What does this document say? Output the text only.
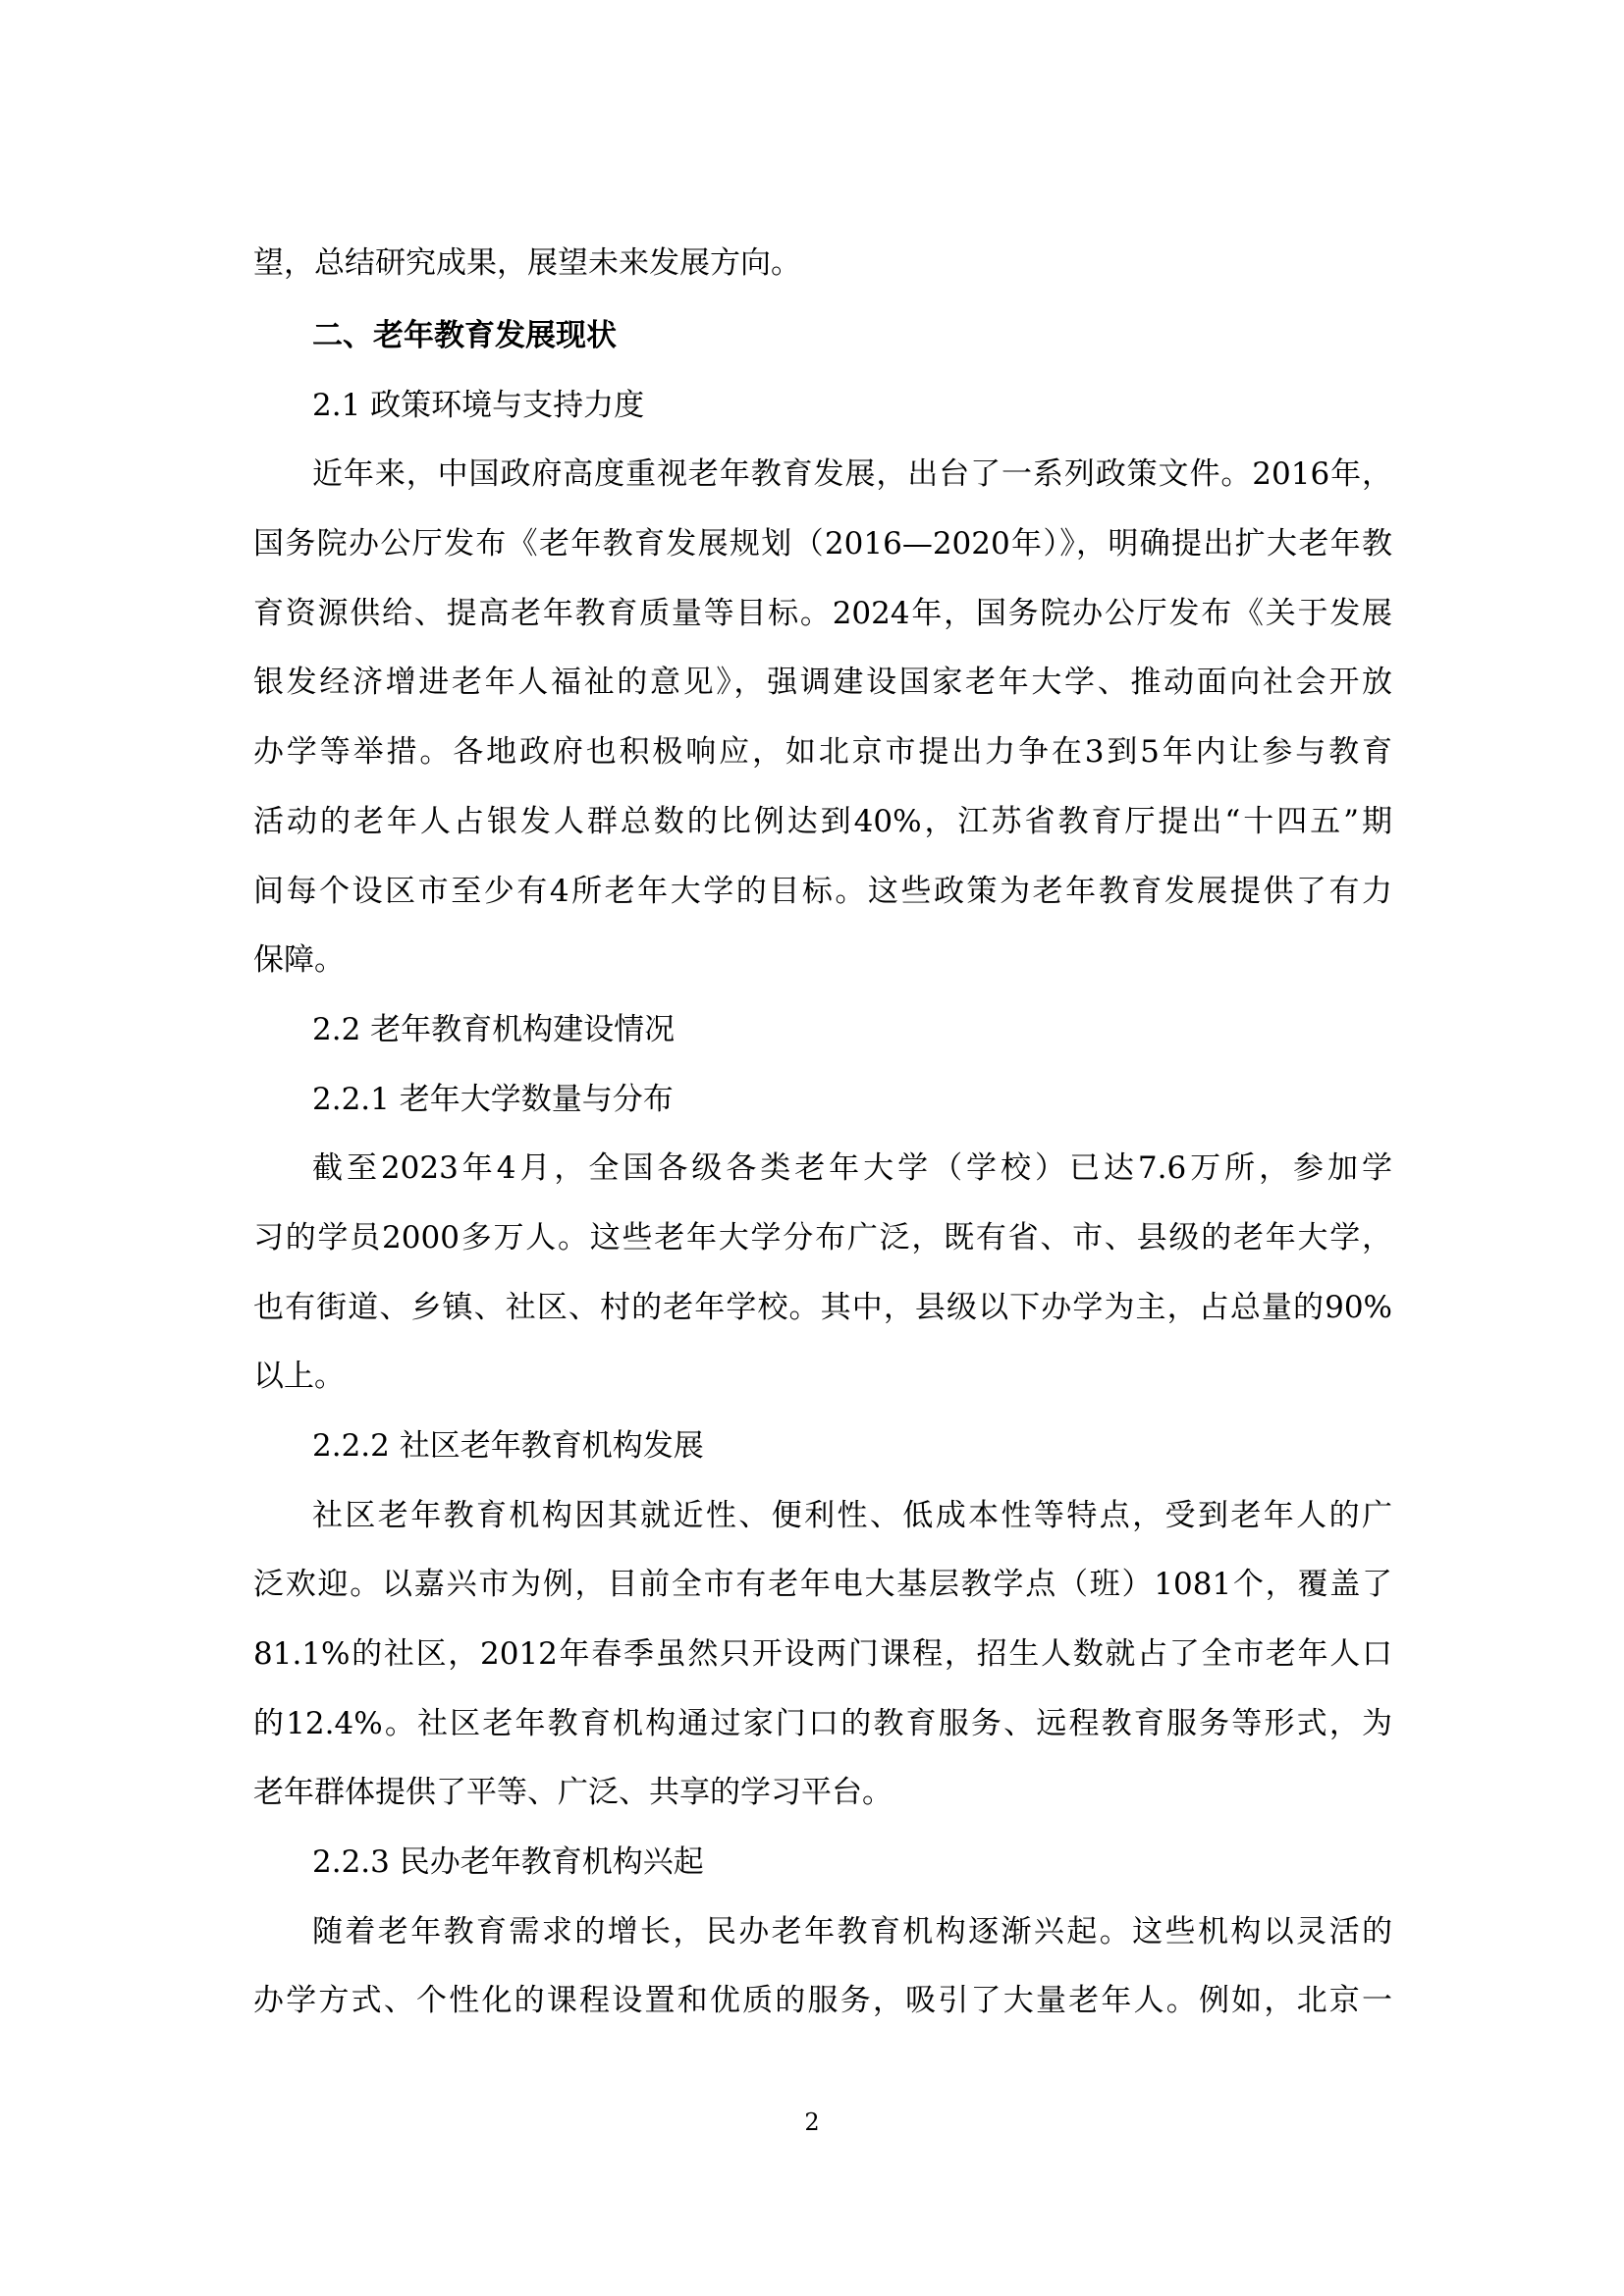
望，总结研究成果，展望未来发展方向。
二、老年教育发展现状
2.1 政策环境与支持力度
近年来，中国政府高度重视老年教育发展，出台了一系列政策文件。2016年，
国务院办公厅发布《老年教育发展规划（2016—2020年）》，明确提出扩大老年教
育资源供给、提高老年教育质量等目标。2024年，国务院办公厅发布《关于发展
银发经济增进老年人福祉的意见》，强调建设国家老年大学、推动面向社会开放
办学等举措。各地政府也积极响应，如北京市提出力争在3到5年内让参与教育
活动的老年人占银发人群总数的比例达到40%，江苏省教育厅提出“十四五”期
间每个设区市至少有4所老年大学的目标。这些政策为老年教育发展提供了有力
保障。
2.2 老年教育机构建设情况
2.2.1 老年大学数量与分布
截至2023年4月，全国各级各类老年大学（学校）已达7.6万所，参加学
习的学员2000多万人。这些老年大学分布广泛，既有省、市、县级的老年大学，
也有街道、乡镇、社区、村的老年学校。其中，县级以下办学为主，占总量的90%
以上。
2.2.2 社区老年教育机构发展
社区老年教育机构因其就近性、便利性、低成本性等特点，受到老年人的广
泛欢迎。以嘉兴市为例，目前全市有老年电大基层教学点（班）1081个，覆盖了
81.1%的社区，2012年春季虽然只开设两门课程，招生人数就占了全市老年人口
的12.4%。社区老年教育机构通过家门口的教育服务、远程教育服务等形式，为
老年群体提供了平等、广泛、共享的学习平台。
2.2.3 民办老年教育机构兴起
随着老年教育需求的增长，民办老年教育机构逐渐兴起。这些机构以灵活的
办学方式、个性化的课程设置和优质的服务，吸引了大量老年人。例如，北京一
2
